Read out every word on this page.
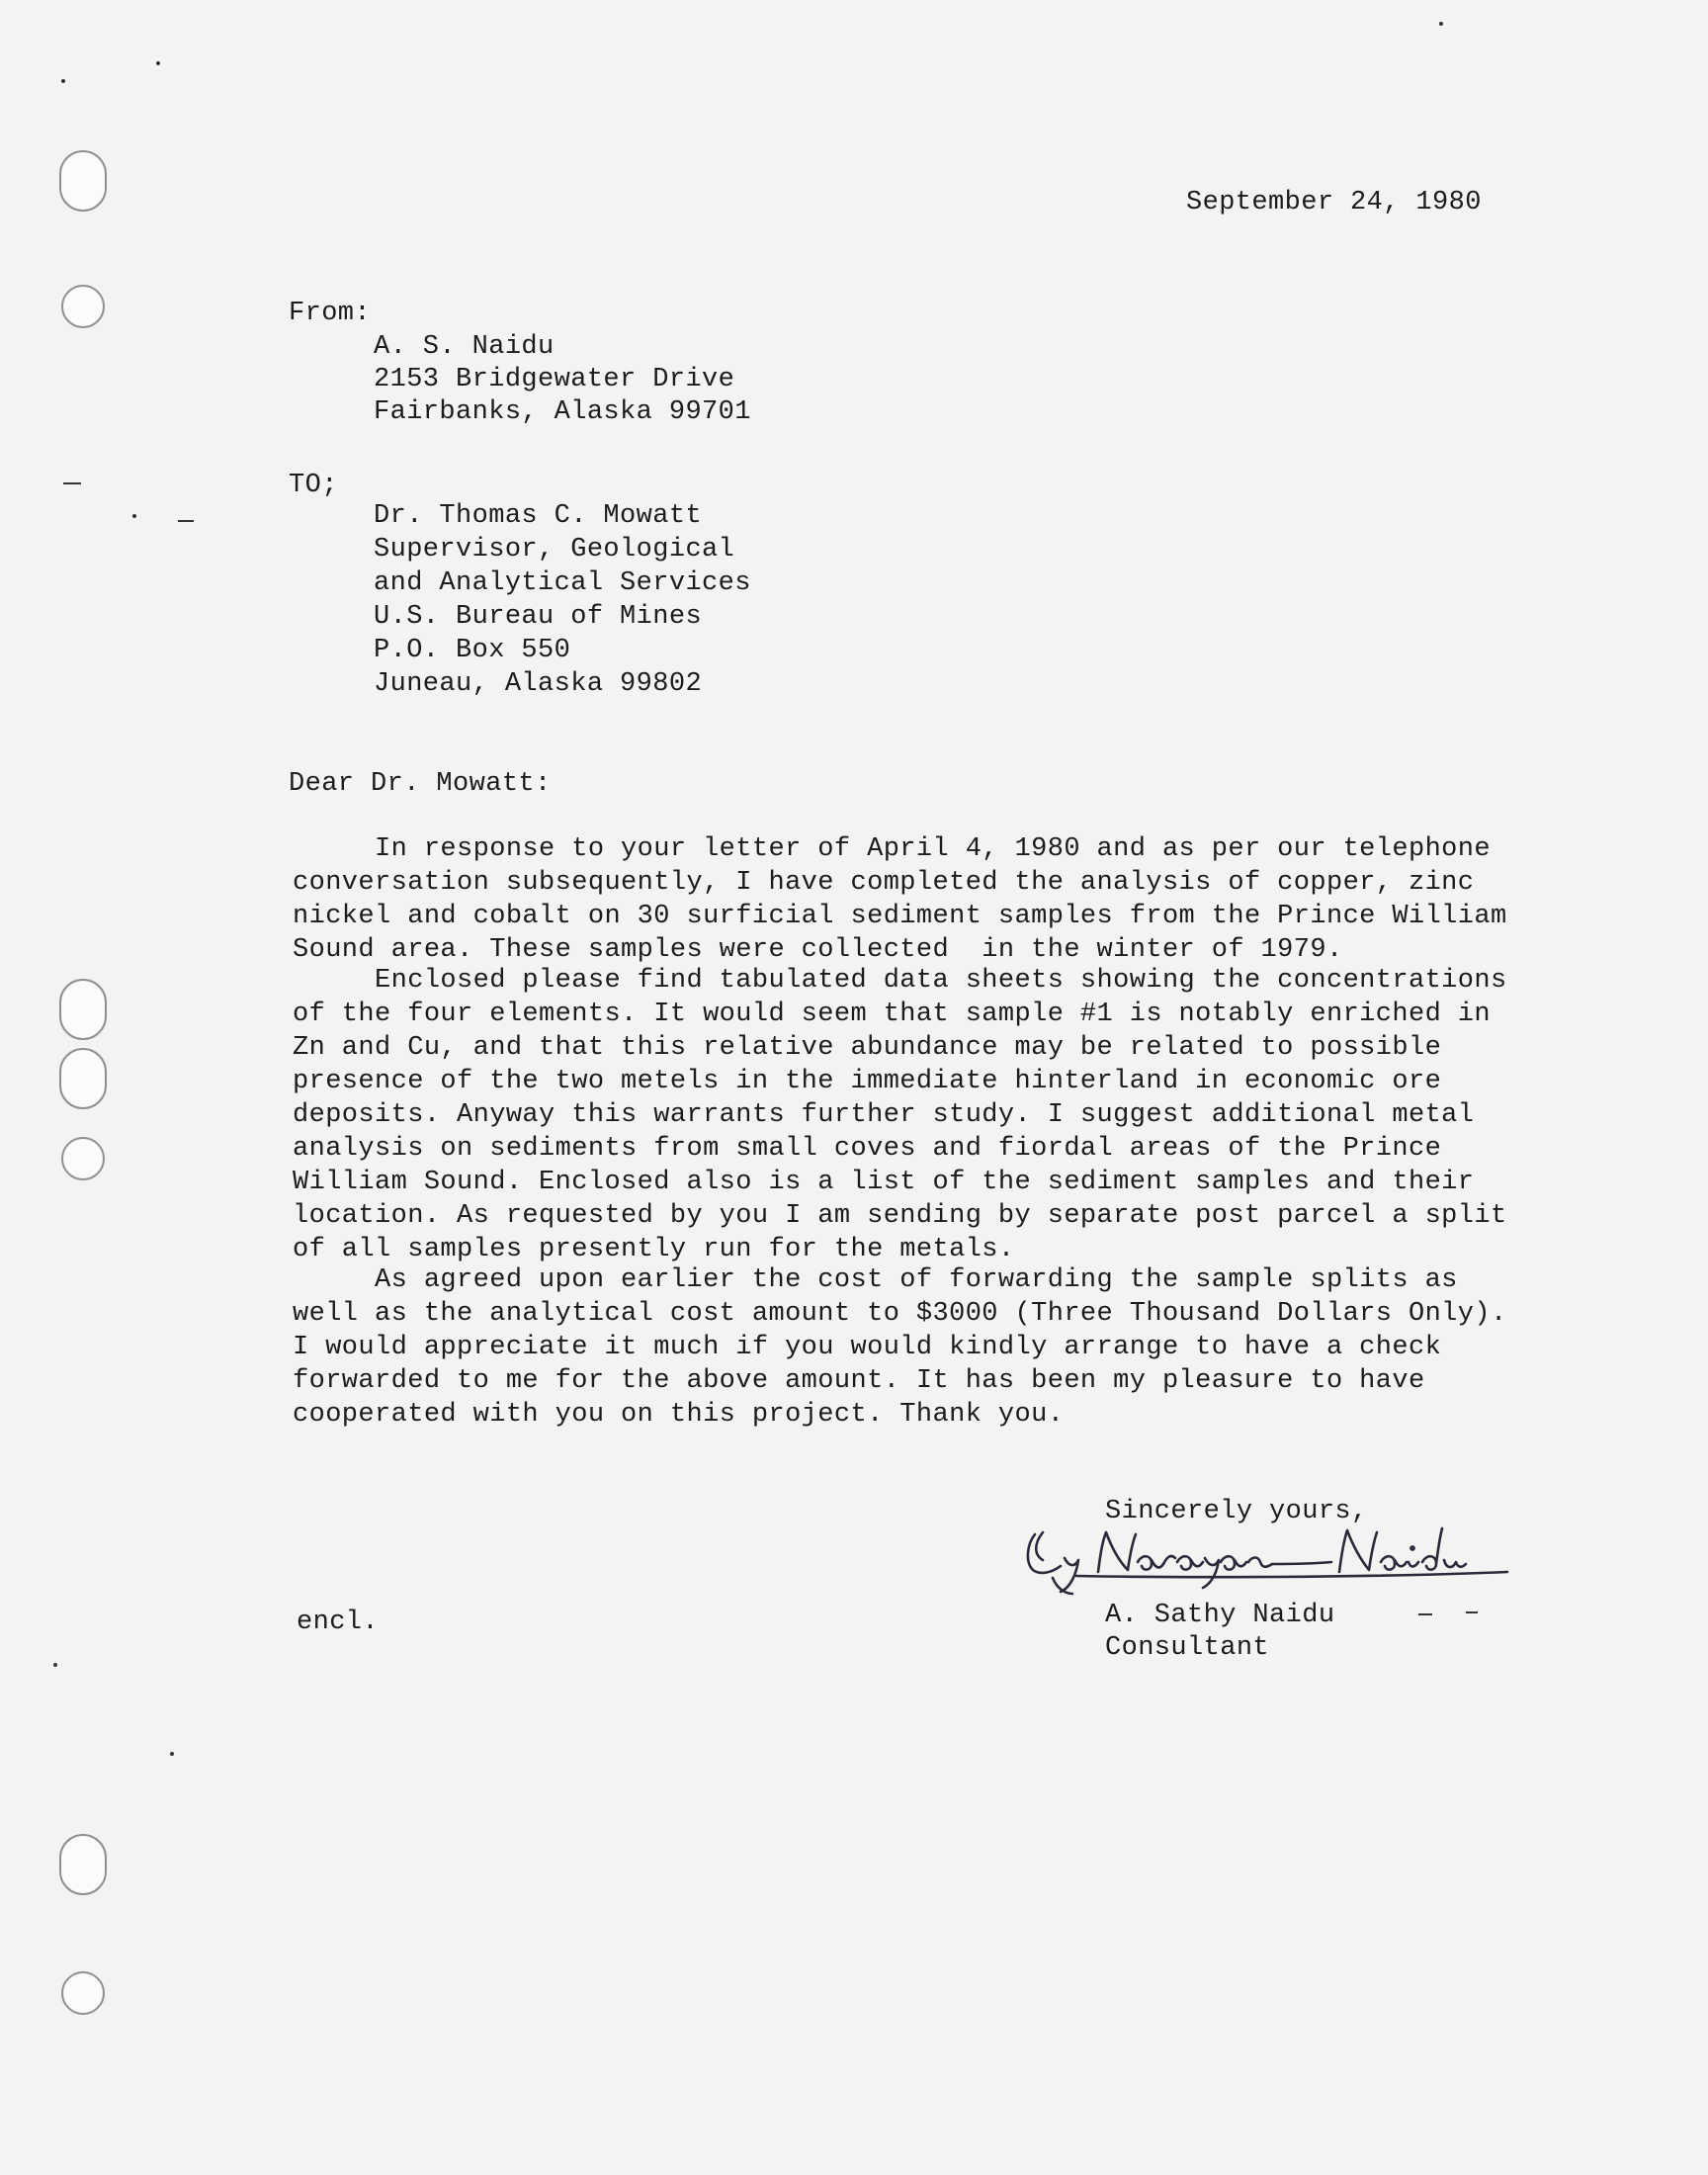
September 24, 1980
From:
A. S. Naidu
2153 Bridgewater Drive
Fairbanks, Alaska 99701
TO;
Dr. Thomas C. Mowatt
Supervisor, Geological
and Analytical Services
U.S. Bureau of Mines
P.O. Box 550
Juneau, Alaska 99802
Dear Dr. Mowatt:
In response to your letter of April 4, 1980 and as per our telephone
conversation subsequently, I have completed the analysis of copper, zinc
nickel and cobalt on 30 surficial sediment samples from the Prince William
Sound area. These samples were collected  in the winter of 1979.
Enclosed please find tabulated data sheets showing the concentrations
of the four elements. It would seem that sample #1 is notably enriched in
Zn and Cu, and that this relative abundance may be related to possible
presence of the two metels in the immediate hinterland in economic ore
deposits. Anyway this warrants further study. I suggest additional metal
analysis on sediments from small coves and fiordal areas of the Prince
William Sound. Enclosed also is a list of the sediment samples and their
location. As requested by you I am sending by separate post parcel a split
of all samples presently run for the metals.
As agreed upon earlier the cost of forwarding the sample splits as
well as the analytical cost amount to $3000 (Three Thousand Dollars Only).
I would appreciate it much if you would kindly arrange to have a check
forwarded to me for the above amount. It has been my pleasure to have
cooperated with you on this project. Thank you.
Sincerely yours,
A. Sathy Naidu
Consultant
encl.
